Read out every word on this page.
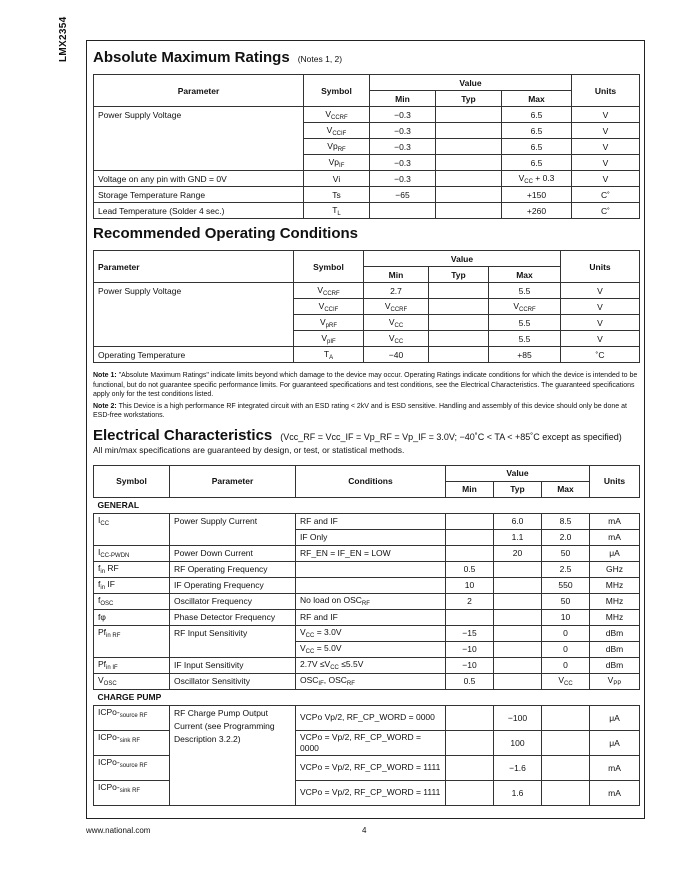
LMX2354 Absolute Maximum Ratings (Notes 1, 2)
Parameter	Symbol	Value			Units
		Min	Typ	Max	
Power Supply Voltage	$V_{CCRF}$	−0.3		6.5	V
	$V_{CCIF}$	−0.3		6.5	V
	$Vp_{RF}$	−0.3		6.5	V
	$Vp_{IF}$	−0.3		6.5	V
Voltage on any pin with GND = 0V	Vi	−0.3		$V_{CC} + 0.3$	V
Storage Temperature Range	Ts	−65		+150	C˚
Lead Temperature (Solder 4 sec.)	$T_L$			+260	C˚
Recommended Operating Conditions
Parameter	Symbol	Value			Units
		Min	Typ	Max	
Power Supply Voltage	$V_{CCRF}$	2.7		5.5	V
	$V_{CCIF}$	$V_{CCRF}$		$V_{CCRF}$	V
	$V_{pRF}$	$V_{CC}$		5.5	V
	$V_{pIF}$	$V_{CC}$		5.5	V
Operating Temperature	$T_A$	−40		+85	˚C

Note 1: "Absolute Maximum Ratings" indicate limits beyond which damage to the device may occur. Operating Ratings indicate conditions for which the device is intended to be functional, but do not guarantee specific performance limits. For guaranteed specifications and test conditions, see the Electrical Characteristics. The guaranteed specifications apply only for the test conditions listed.

Note 2: This Device is a high performance RF integrated circuit with an ESD rating < 2kV and is ESD sensitive. Handling and assembly of this device should only be done at ESD-free workstations.

Electrical Characteristics (Vcc_RF = Vcc_IF = Vp_RF = Vp_IF = 3.0V; −40˚C < TA < +85˚C except as specified)
All min/max specifications are guaranteed by design, or test, or statistical methods.
Symbol	Parameter	Conditions	Value			Units
			Min	Typ	Max	
GENERAL						
$I_{CC}$	Power Supply Current	RF and IF		6.0	8.5	mA
		IF Only		1.1	2.0	mA
$I_{CC-PWDN}$	Power Down Current	RF_EN = IF_EN = LOW		20	50	μA
$f_{in}$ RF	RF Operating Frequency		0.5		2.5	GHz
$f_{in}$ IF	IF Operating Frequency		10		550	MHz
$f_{OSC}$	Oscillator Frequency	No load on $OSC_{RF}$	2		50	MHz
fφ	Phase Detector Frequency	RF and IF			10	MHz
$Pf_{in RF}$	RF Input Sensitivity	$V_{CC} = 3.0V$	−15		0	dBm
		$V_{CC} = 5.0V$	−10		0	dBm
$Pf_{in IF}$	IF Input Sensitivity	$2.7V \le V_{CC} \le 5.5V$	−10		0	dBm
$V_{OSC}$	Oscillator Sensitivity	$OSC_{IF}$, $OSC_{RF}$	0.5		$V_{CC}$	$V_{PP}$
CHARGE PUMP						
ICPo-$_{source RF}$	RF Charge Pump Output Current (see Programming Description 3.2.2)	VCPo Vp/2, RF_CP_WORD = 0000		−100		μA
ICPo-$_{sink RF}$		VCPo = Vp/2, RF_CP_WORD = 0000		100		μA
ICPo-$_{source RF}$		VCPo = Vp/2, RF_CP_WORD = 1111		−1.6		mA
ICPo-$_{sink RF}$		VCPo = Vp/2, RF_CP_WORD = 1111		1.6		mA
www.national.com	4
